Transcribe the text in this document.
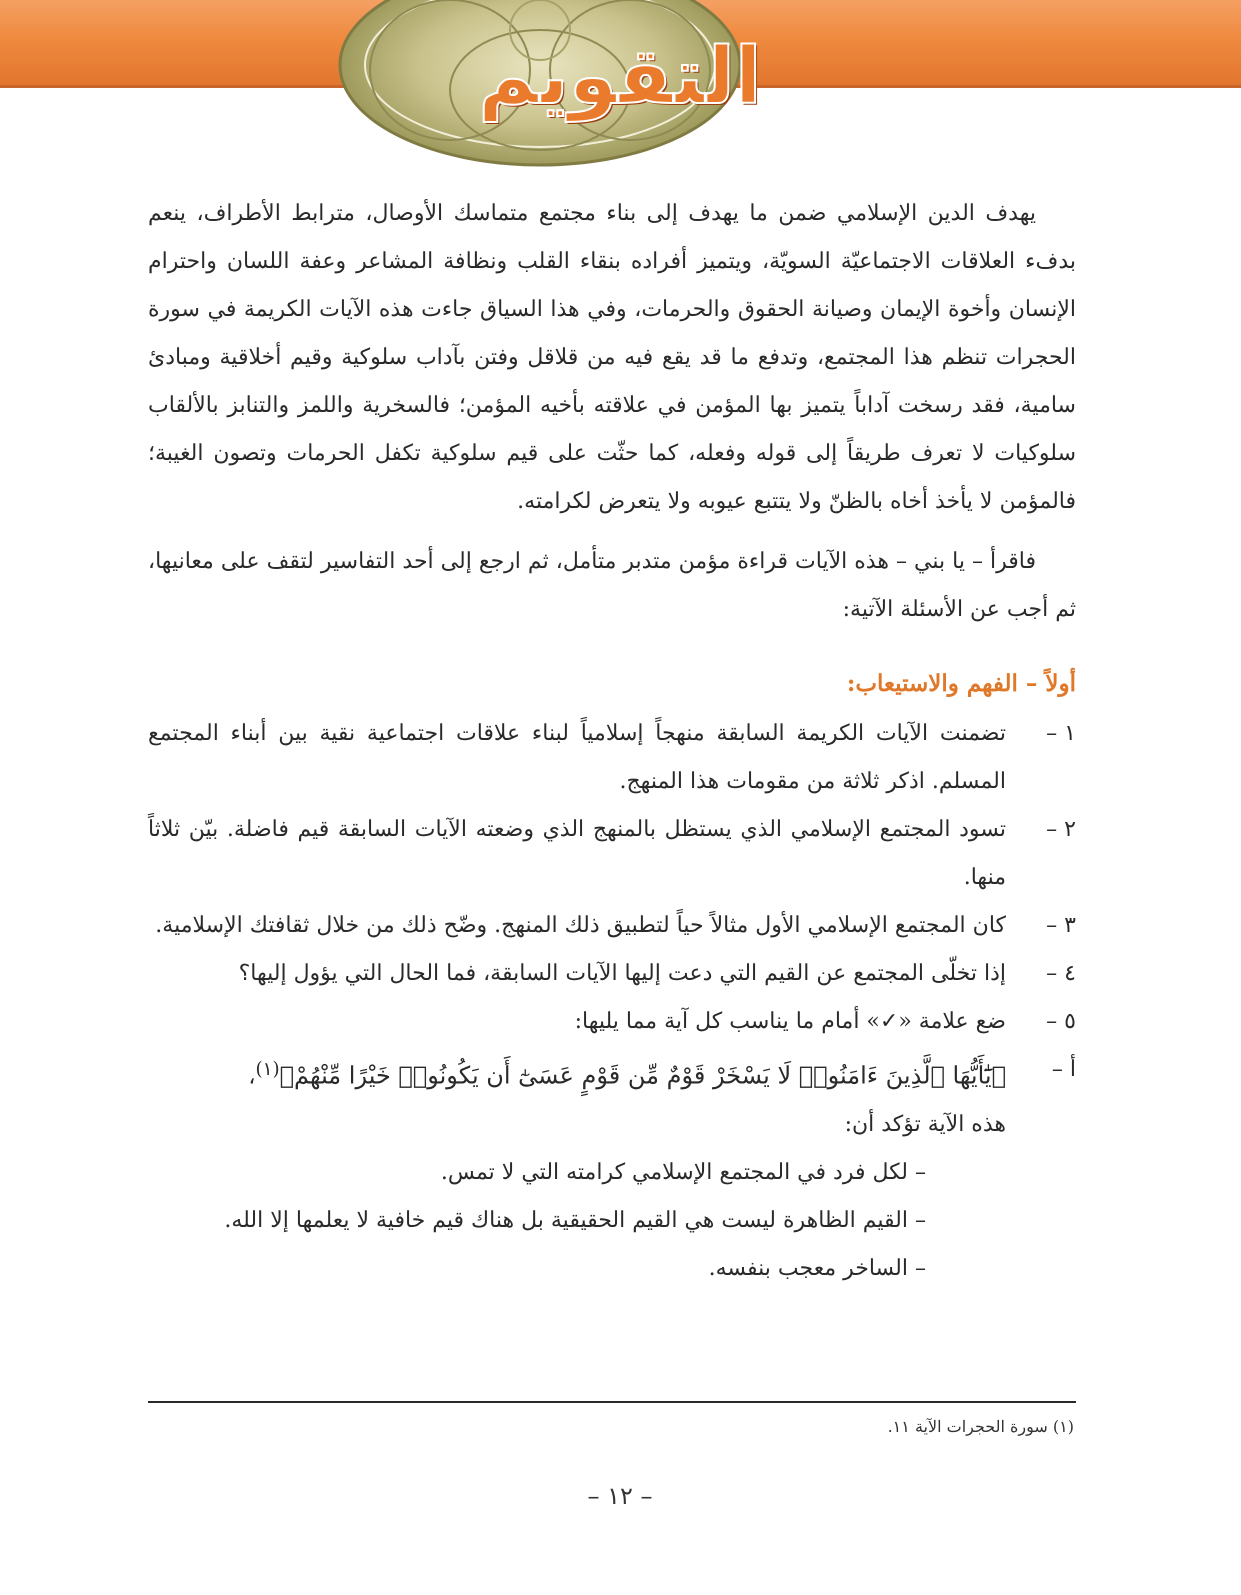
التقويم

يهدف الدين الإسلامي ضمن ما يهدف إلى بناء مجتمع متماسك الأوصال، مترابط الأطراف، ينعم بدفء العلاقات الاجتماعيّة السويّة، ويتميز أفراده بنقاء القلب ونظافة المشاعر وعفة اللسان واحترام الإنسان وأخوة الإيمان وصيانة الحقوق والحرمات، وفي هذا السياق جاءت هذه الآيات الكريمة في سورة الحجرات تنظم هذا المجتمع، وتدفع ما قد يقع فيه من قلاقل وفتن بآداب سلوكية وقيم أخلاقية ومبادئ سامية، فقد رسخت آداباً يتميز بها المؤمن في علاقته بأخيه المؤمن؛ فالسخرية واللمز والتنابز بالألقاب سلوكيات لا تعرف طريقاً إلى قوله وفعله، كما حثّت على قيم سلوكية تكفل الحرمات وتصون الغيبة؛ فالمؤمن لا يأخذ أخاه بالظنّ ولا يتتبع عيوبه ولا يتعرض لكرامته.

فاقرأ – يا بني – هذه الآيات قراءة مؤمن متدبر متأمل، ثم ارجع إلى أحد التفاسير لتقف على معانيها، ثم أجب عن الأسئلة الآتية:

أولاً – الفهم والاستيعاب:
١ –
تضمنت الآيات الكريمة السابقة منهجاً إسلامياً لبناء علاقات اجتماعية نقية بين أبناء المجتمع المسلم. اذكر ثلاثة من مقومات هذا المنهج.
٢ –
تسود المجتمع الإسلامي الذي يستظل بالمنهج الذي وضعته الآيات السابقة قيم فاضلة. بيّن ثلاثاً منها.
٣ –
كان المجتمع الإسلامي الأول مثالاً حياً لتطبيق ذلك المنهج. وضّح ذلك من خلال ثقافتك الإسلامية.
٤ –
إذا تخلّى المجتمع عن القيم التي دعت إليها الآيات السابقة، فما الحال التي يؤول إليها؟
٥ –
ضع علامة «✓» أمام ما يناسب كل آية مما يليها:
أ –
﴿يَٰٓأَيُّهَا ٱلَّذِينَ ءَامَنُوا۟ لَا يَسْخَرْ قَوْمٌ مِّن قَوْمٍ عَسَىٰٓ أَن يَكُونُوا۟ خَيْرًا مِّنْهُمْ﴾$^{(١)}$،
هذه الآية تؤكد أن:
– لكل فرد في المجتمع الإسلامي كرامته التي لا تمس.
– القيم الظاهرة ليست هي القيم الحقيقية بل هناك قيم خافية لا يعلمها إلا الله.
– الساخر معجب بنفسه.
(١) سورة الحجرات الآية ١١.
– ١٢ –
